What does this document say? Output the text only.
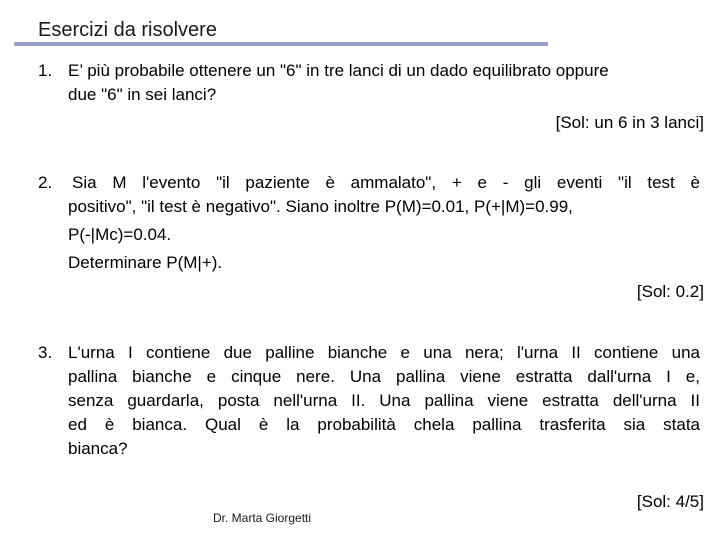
Esercizi da risolvere
1. E’ più probabile ottenere un "6" in tre lanci di un dado equilibrato oppure
due "6" in sei lanci?
[Sol: un 6 in 3 lanci]
2. Sia M l'evento "il paziente è ammalato", + e - gli eventi "il test è
positivo", "il test è negativo". Siano inoltre P(M)=0.01, P(+|M)=0.99,
P(-|Mc)=0.04.
Determinare P(M|+).
[Sol: 0.2]
3. L'urna I contiene due palline bianche e una nera; l'urna II contiene una
pallina bianche e cinque nere. Una pallina viene estratta dall'urna I e,
senza guardarla, posta nell'urna II. Una pallina viene estratta dell'urna II
ed è bianca. Qual è la probabilità chela pallina trasferita sia stata
bianca?
[Sol: 4/5]
Dr. Marta Giorgetti
